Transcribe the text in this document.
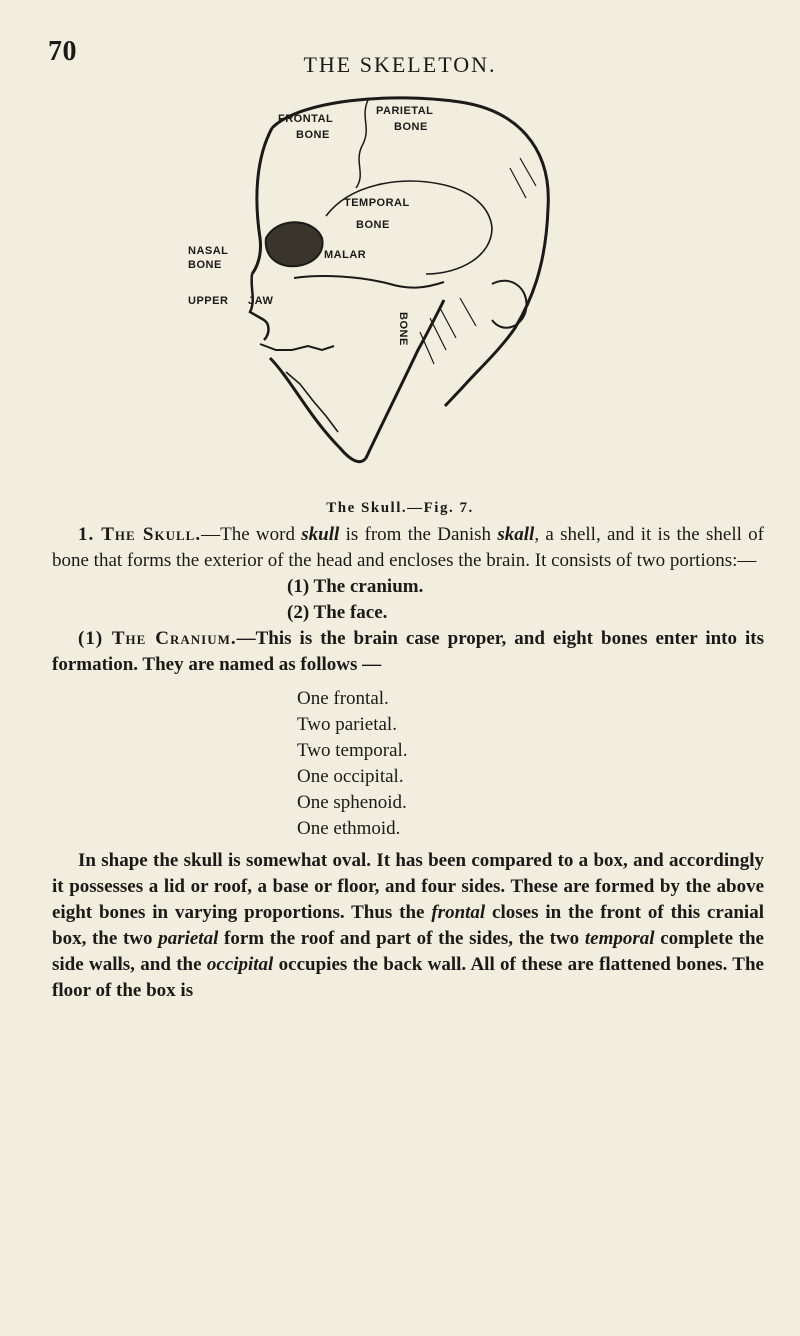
70	THE SKELETON.
FRONTAL
BONE
PARIETAL
BONE
TEMPORAL
BONE
NASAL
BONE
UPPER JAW
MALAR
BONE
The Skull.—Fig. 7.

1. The Skull.—The word skull is from the Danish skall, a shell, and it is the shell of bone that forms the exterior of the head and encloses the brain. It consists of two portions:—

(1) The cranium.
(2) The face.

(1) The Cranium.—This is the brain case proper, and eight bones enter into its formation. They are named as follows —

One frontal.
Two parietal.
Two temporal.
One occipital.
One sphenoid.
One ethmoid.

In shape the skull is somewhat oval. It has been compared to a box, and accordingly it possesses a lid or roof, a base or floor, and four sides. These are formed by the above eight bones in varying proportions. Thus the frontal closes in the front of this cranial box, the two parietal form the roof and part of the sides, the two temporal complete the side walls, and the occipital occupies the back wall. All of these are flattened bones. The floor of the box is
